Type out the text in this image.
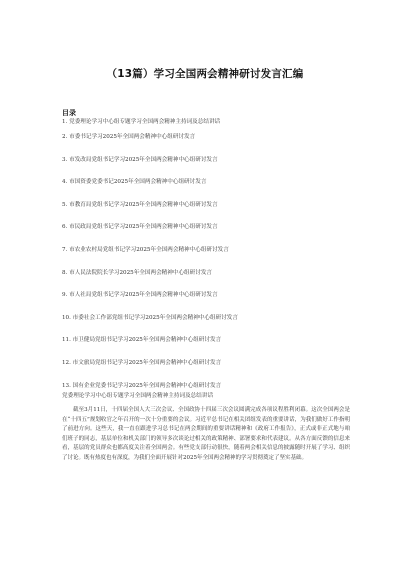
（13篇）学习全国两会精神研讨发言汇编
目录
1. 党委理论学习中心组专题学习全国两会精神主持词及总结讲话
2. 市委书记学习2025年全国两会精神中心组研讨发言
3. 市发改局党组书记学习2025年全国两会精神中心组研讨发言
4. 市国资委党委书记2025年全国两会精神中心组研讨发言
5. 市教育局党组书记学习2025年全国两会精神中心组研讨发言
6. 市民政局党组书记学习2025年全国两会精神中心组研讨发言
7. 市农业农村局党组书记学习2025年全国两会精神中心组研讨发言
8. 市人民法院院长学习2025年全国两会精神中心组研讨发言
9. 市人社局党组书记学习2025年全国两会精神中心组研讨发言
10. 市委社会工作部党组书记学习2025年全国两会精神中心组研讨发言
11. 市卫健局党组书记学习2025年全国两会精神中心组研讨发言
12. 市文旅局党组书记学习2025年全国两会精神中心组研讨发言
13. 国有企业党委书记学习2025年全国两会精神中心组研讨发言
党委理论学习中心组专题学习全国两会精神主持词及总结讲话

截至3月11日，十四届全国人大三次会议、全国政协十四届三次会议圆满完成各项议程胜利闭幕。这次全国两会是在“十四五”规划收官之年召开的一次十分重要的会议。习近平总书记在相关团组发表的重要讲话，为我们做好工作指明了前进方向。这些天，我一直在跟进学习总书记在两会期间的重要讲话精神和《政府工作报告》，正式或非正式地与咱们班子的同志，基层单位和机关部门的领导多次谈论过相关的政策精神、部署要求和代表建议。从各方面反馈的信息来看，基层的党员群众也都高度关注着全国两会。有些党支部行动很快，随着两会相关信息的披露随时开展了学习、组织了讨论。既有热度也有深度，为我们全面开展针对2025年全国两会精神的学习贯彻奠定了坚实基础。
